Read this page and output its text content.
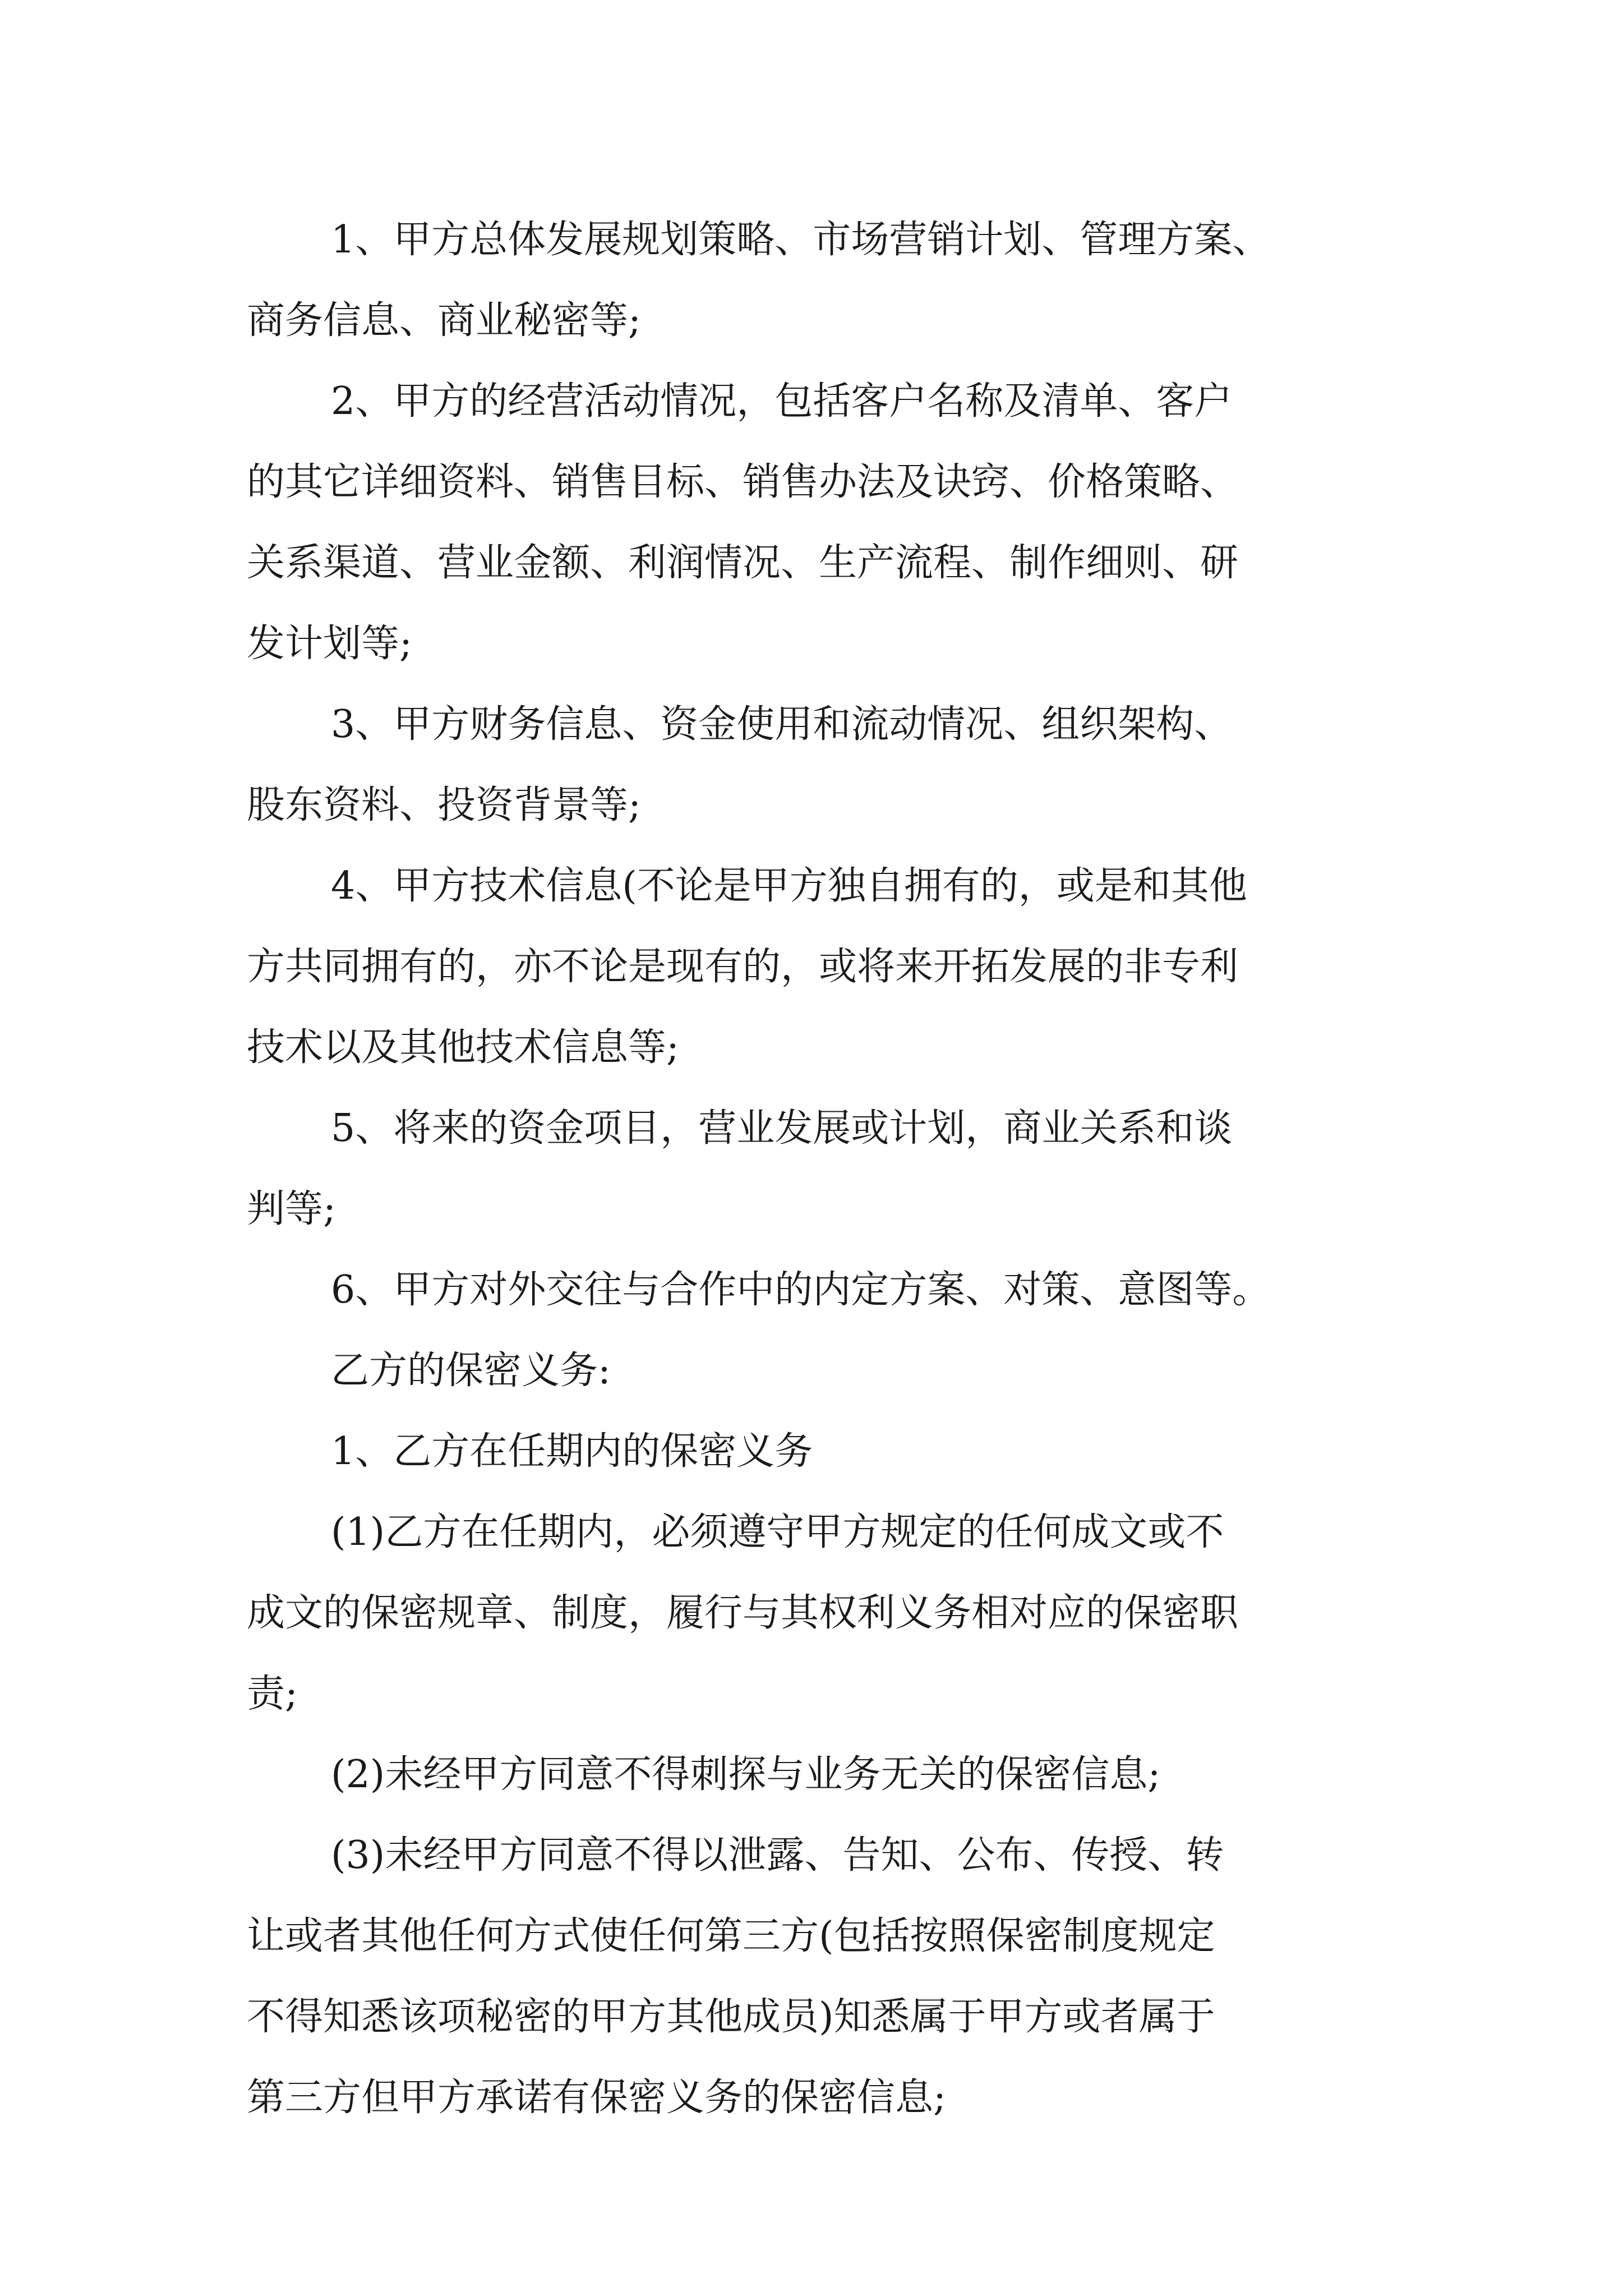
1、甲方总体发展规划策略、市场营销计划、管理方案、
商务信息、商业秘密等;
2、甲方的经营活动情况，包括客户名称及清单、客户
的其它详细资料、销售目标、销售办法及诀窍、价格策略、
关系渠道、营业金额、利润情况、生产流程、制作细则、研
发计划等;
3、甲方财务信息、资金使用和流动情况、组织架构、
股东资料、投资背景等;
4、甲方技术信息(不论是甲方独自拥有的，或是和其他
方共同拥有的，亦不论是现有的，或将来开拓发展的非专利
技术以及其他技术信息等;
5、将来的资金项目，营业发展或计划，商业关系和谈
判等;
6、甲方对外交往与合作中的内定方案、对策、意图等。
乙方的保密义务:
1、乙方在任期内的保密义务
(1)乙方在任期内，必须遵守甲方规定的任何成文或不
成文的保密规章、制度，履行与其权利义务相对应的保密职
责;
(2)未经甲方同意不得刺探与业务无关的保密信息;
(3)未经甲方同意不得以泄露、告知、公布、传授、转
让或者其他任何方式使任何第三方(包括按照保密制度规定
不得知悉该项秘密的甲方其他成员)知悉属于甲方或者属于
第三方但甲方承诺有保密义务的保密信息;
